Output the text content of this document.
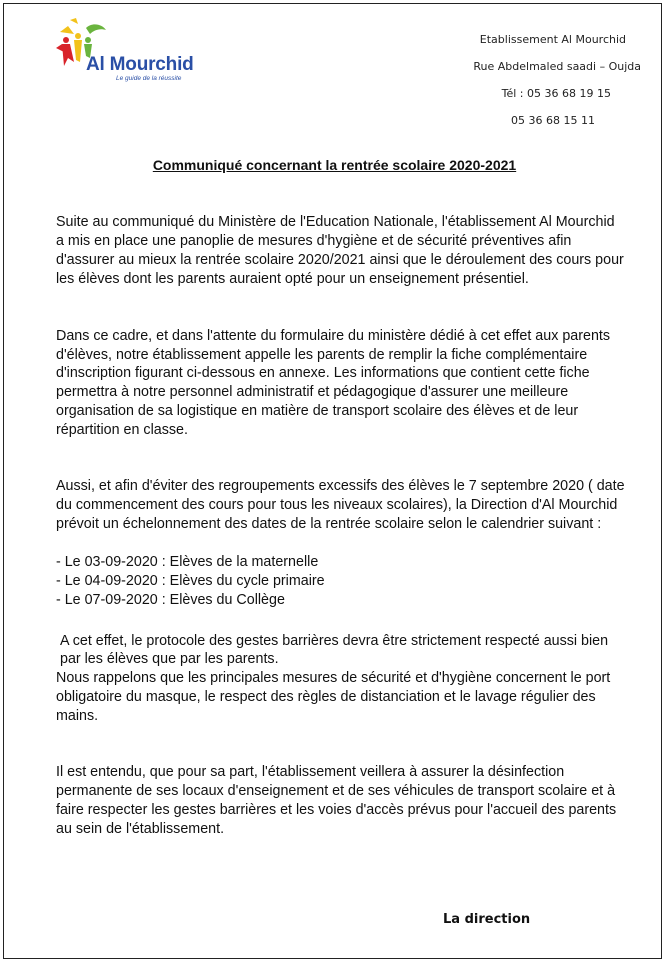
Al Mourchid
Le guide de la réussite
Etablissement Al Mourchid
Rue Abdelmaled saadi – Oujda
Tél : 05 36 68 19 15
05 36 68 15 11
Communiqué concernant la rentrée scolaire 2020-2021

Suite au communiqué du Ministère de l'Education Nationale, l'établissement Al Mourchid a mis en place une panoplie de mesures d'hygiène et de sécurité préventives afin d'assurer au mieux la rentrée scolaire 2020/2021 ainsi que le déroulement des cours pour les élèves dont les parents auraient opté pour un enseignement présentiel.

Dans ce cadre, et dans l'attente du formulaire du ministère dédié à cet effet aux parents d'élèves, notre établissement appelle les parents de remplir la fiche complémentaire d'inscription figurant ci-dessous en annexe. Les informations que contient cette fiche permettra à notre personnel administratif et pédagogique d'assurer une meilleure organisation de sa logistique en matière de transport scolaire des élèves et de leur répartition en classe.

Aussi, et afin d'éviter des regroupements excessifs des élèves le 7 septembre 2020 ( date du commencement des cours pour tous les niveaux scolaires), la Direction d'Al Mourchid prévoit un échelonnement des dates de la rentrée scolaire selon le calendrier suivant :

- Le 03-09-2020 : Elèves de la maternelle
- Le 04-09-2020 : Elèves du cycle primaire
- Le 07-09-2020 : Elèves du Collège

A cet effet, le protocole des gestes barrières devra être strictement respecté aussi bien par les élèves que par les parents.

Nous rappelons que les principales mesures de sécurité et d'hygiène concernent le port obligatoire du masque, le respect des règles de distanciation et le lavage régulier des mains.

Il est entendu, que pour sa part, l'établissement veillera à assurer la désinfection permanente de ses locaux d'enseignement et de ses véhicules de transport scolaire et à faire respecter les gestes barrières et les voies d'accès prévus pour l'accueil des parents au sein de l'établissement.

La direction
